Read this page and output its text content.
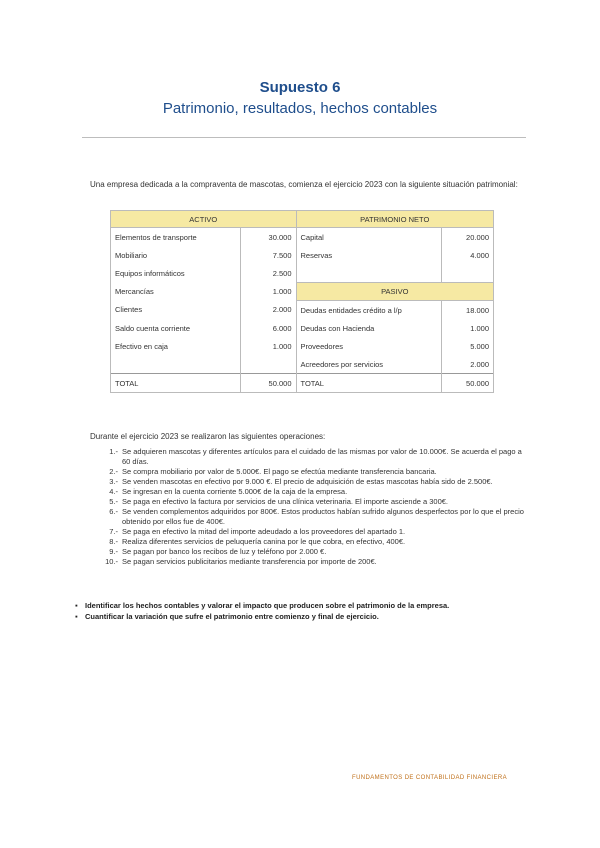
Supuesto 6
Patrimonio, resultados, hechos contables
Una empresa dedicada a la compraventa de mascotas, comienza el ejercicio 2023 con la siguiente situación patrimonial:
ACTIVO		PATRIMONIO NETO	
Elementos de transporte	30.000	Capital	20.000
Mobiliario	7.500	Reservas	4.000
Equipos informáticos	2.500		
Mercancías	1.000	PASIVO	
Clientes	2.000	Deudas entidades crédito a l/p	18.000
Saldo cuenta corriente	6.000	Deudas con Hacienda	1.000
Efectivo en caja	1.000	Proveedores	5.000
		Acreedores por servicios	2.000
TOTAL	50.000	TOTAL	50.000
Durante el ejercicio 2023 se realizaron las siguientes operaciones:
1.- Se adquieren mascotas y diferentes artículos para el cuidado de las mismas por valor de 10.000€. Se acuerda el pago a 60 días.
2.- Se compra mobiliario por valor de 5.000€. El pago se efectúa mediante transferencia bancaria.
3.- Se venden mascotas en efectivo por 9.000 €. El precio de adquisición de estas mascotas había sido de 2.500€.
4.- Se ingresan en la cuenta corriente 5.000€ de la caja de la empresa.
5.- Se paga en efectivo la factura por servicios de una clínica veterinaria. El importe asciende a 300€.
6.- Se venden complementos adquiridos por 800€. Estos productos habían sufrido algunos desperfectos por lo que el precio obtenido por ellos fue de 400€.
7.- Se paga en efectivo la mitad del importe adeudado a los proveedores del apartado 1.
8.- Realiza diferentes servicios de peluquería canina por le que cobra, en efectivo, 400€.
9.- Se pagan por banco los recibos de luz y teléfono por 2.000 €.
10.- Se pagan servicios publicitarios mediante transferencia por importe de 200€.
▪ Identificar los hechos contables y valorar el impacto que producen sobre el patrimonio de la empresa.
▪ Cuantificar la variación que sufre el patrimonio entre comienzo y final de ejercicio.
FUNDAMENTOS DE CONTABILIDAD FINANCIERA
